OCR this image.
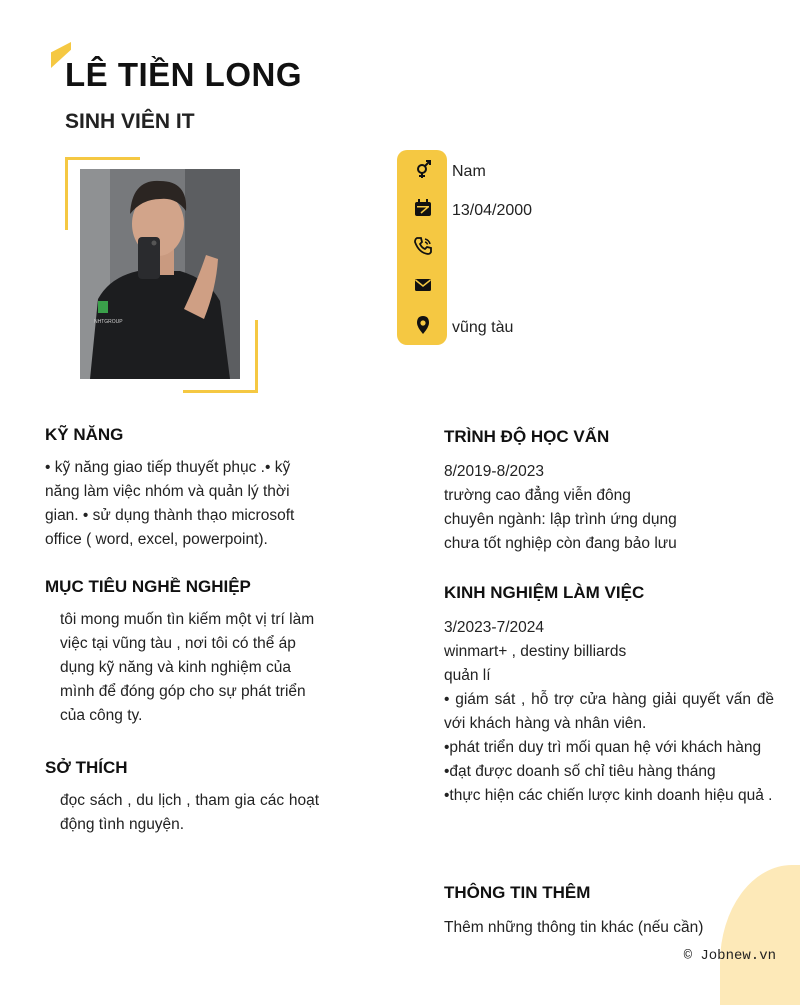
LÊ TIỀN LONG
SINH VIÊN IT
NHTGROUP
Nam
13/04/2000
vũng tàu
KỸ NĂNG
• kỹ năng giao tiếp thuyết phục .• kỹ năng làm việc nhóm và quản lý thời gian. • sử dụng thành thạo microsoft office ( word, excel, powerpoint).
MỤC TIÊU NGHỀ NGHIỆP
tôi mong muốn tìn kiếm một vị trí làm việc tại vũng tàu , nơi tôi có thể áp dụng kỹ năng và kinh nghiệm của mình để đóng góp cho sự phát triển của công ty.
SỞ THÍCH
đọc sách , du lịch , tham gia các hoạt động tình nguyện.
TRÌNH ĐỘ HỌC VẤN
8/2019-8/2023
trường cao đẳng viễn đông
chuyên ngành: lập trình ứng dụng
chưa tốt nghiệp còn đang bảo lưu
KINH NGHIỆM LÀM VIỆC
3/2023-7/2024
winmart+ , destiny billiards
quản lí
• giám sát , hỗ trợ cửa hàng giải quyết vấn đề với khách hàng và nhân viên.
•phát triển duy trì mối quan hệ với khách hàng
•đạt được doanh số chỉ tiêu hàng tháng
•thực hiện các chiến lược kinh doanh hiệu quả .
THÔNG TIN THÊM
Thêm những thông tin khác (nếu cần)
© Jobnew.vn
